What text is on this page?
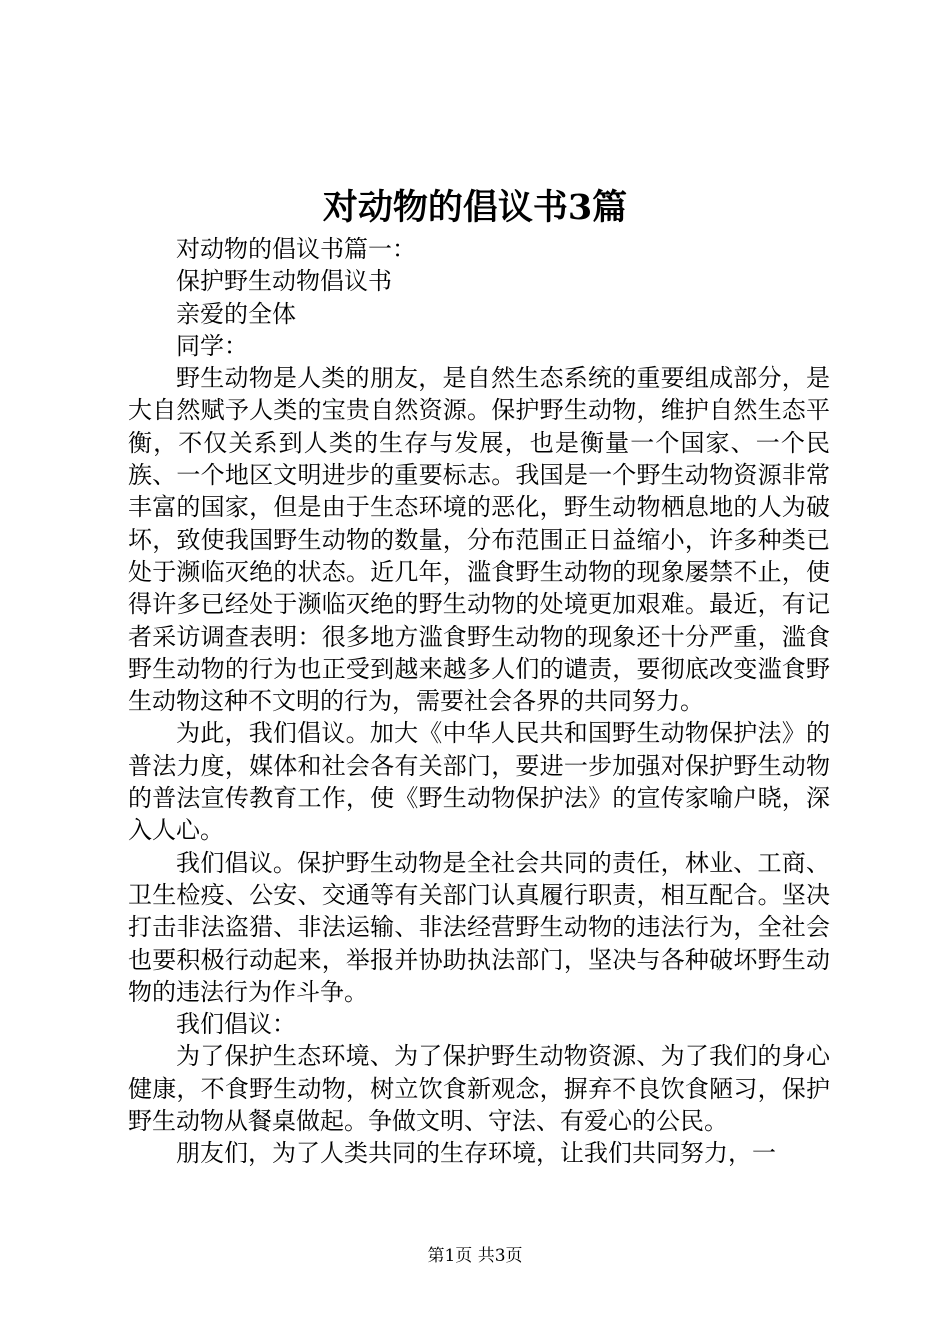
对动物的倡议书3篇

对动物的倡议书篇一：

保护野生动物倡议书

亲爱的全体

同学：

野生动物是人类的朋友，是自然生态系统的重要组成部分，是大自然赋予人类的宝贵自然资源。保护野生动物，维护自然生态平衡，不仅关系到人类的生存与发展，也是衡量一个国家、一个民族、一个地区文明进步的重要标志。我国是一个野生动物资源非常丰富的国家，但是由于生态环境的恶化，野生动物栖息地的人为破坏，致使我国野生动物的数量，分布范围正日益缩小，许多种类已处于濒临灭绝的状态。近几年，滥食野生动物的现象屡禁不止，使得许多已经处于濒临灭绝的野生动物的处境更加艰难。最近，有记者采访调查表明：很多地方滥食野生动物的现象还十分严重，滥食野生动物的行为也正受到越来越多人们的谴责，要彻底改变滥食野生动物这种不文明的行为，需要社会各界的共同努力。

为此，我们倡议。加大《中华人民共和国野生动物保护法》的普法力度，媒体和社会各有关部门，要进一步加强对保护野生动物的普法宣传教育工作，使《野生动物保护法》的宣传家喻户晓，深入人心。

我们倡议。保护野生动物是全社会共同的责任，林业、工商、卫生检疫、公安、交通等有关部门认真履行职责，相互配合。坚决打击非法盗猎、非法运输、非法经营野生动物的违法行为，全社会也要积极行动起来，举报并协助执法部门，坚决与各种破坏野生动物的违法行为作斗争。

我们倡议：

为了保护生态环境、为了保护野生动物资源、为了我们的身心健康，不食野生动物，树立饮食新观念，摒弃不良饮食陋习，保护野生动物从餐桌做起。争做文明、守法、有爱心的公民。

朋友们，为了人类共同的生存环境，让我们共同努力，一

第1页 共3页
